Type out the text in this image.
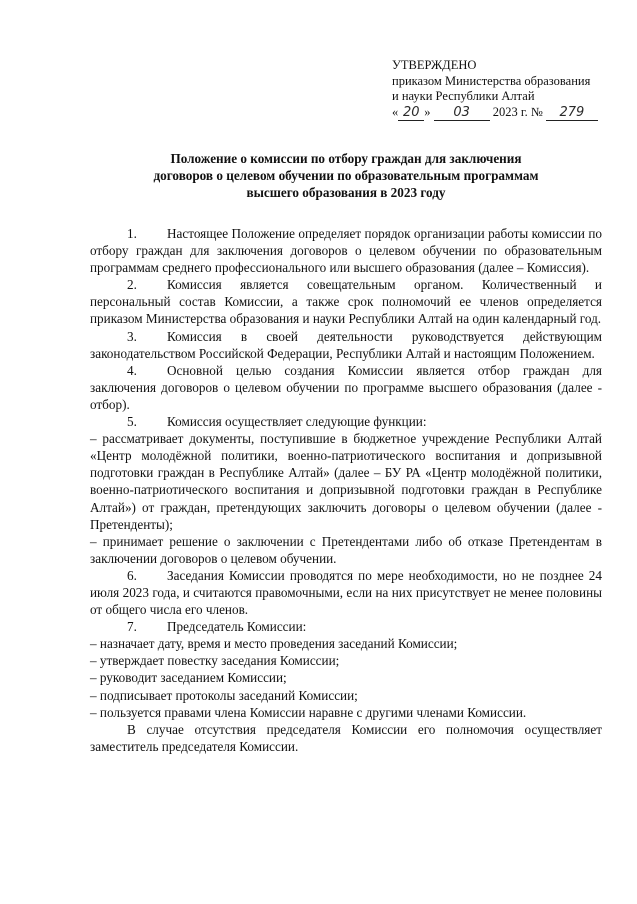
УТВЕРЖДЕНО
приказом Министерства образования
и науки Республики Алтай
« 20 » 03 2023 г. № 279
Положение о комиссии по отбору граждан для заключения
договоров о целевом обучении по образовательным программам
высшего образования в 2023 году

1. Настоящее Положение определяет порядок организации работы комиссии по отбору граждан для заключения договоров о целевом обучении по образовательным программам среднего профессионального или высшего образования (далее – Комиссия).

2. Комиссия является совещательным органом. Количественный и персональный состав Комиссии, а также срок полномочий ее членов определяется приказом Министерства образования и науки Республики Алтай на один календарный год.

3. Комиссия в своей деятельности руководствуется действующим законодательством Российской Федерации, Республики Алтай и настоящим Положением.

4. Основной целью создания Комиссии является отбор граждан для заключения договоров о целевом обучении по программе высшего образования (далее - отбор).

5. Комиссия осуществляет следующие функции:

– рассматривает документы, поступившие в бюджетное учреждение Республики Алтай «Центр молодёжной политики, военно-патриотического воспитания и допризывной подготовки граждан в Республике Алтай» (далее – БУ РА «Центр молодёжной политики, военно-патриотического воспитания и допризывной подготовки граждан в Республике Алтай») от граждан, претендующих заключить договоры о целевом обучении (далее - Претенденты);

– принимает решение о заключении с Претендентами либо об отказе Претендентам в заключении договоров о целевом обучении.

6. Заседания Комиссии проводятся по мере необходимости, но не позднее 24 июля 2023 года, и считаются правомочными, если на них присутствует не менее половины от общего числа его членов.

7. Председатель Комиссии:

– назначает дату, время и место проведения заседаний Комиссии;

– утверждает повестку заседания Комиссии;

– руководит заседанием Комиссии;

– подписывает протоколы заседаний Комиссии;

– пользуется правами члена Комиссии наравне с другими членами Комиссии.

В случае отсутствия председателя Комиссии его полномочия осуществляет заместитель председателя Комиссии.
